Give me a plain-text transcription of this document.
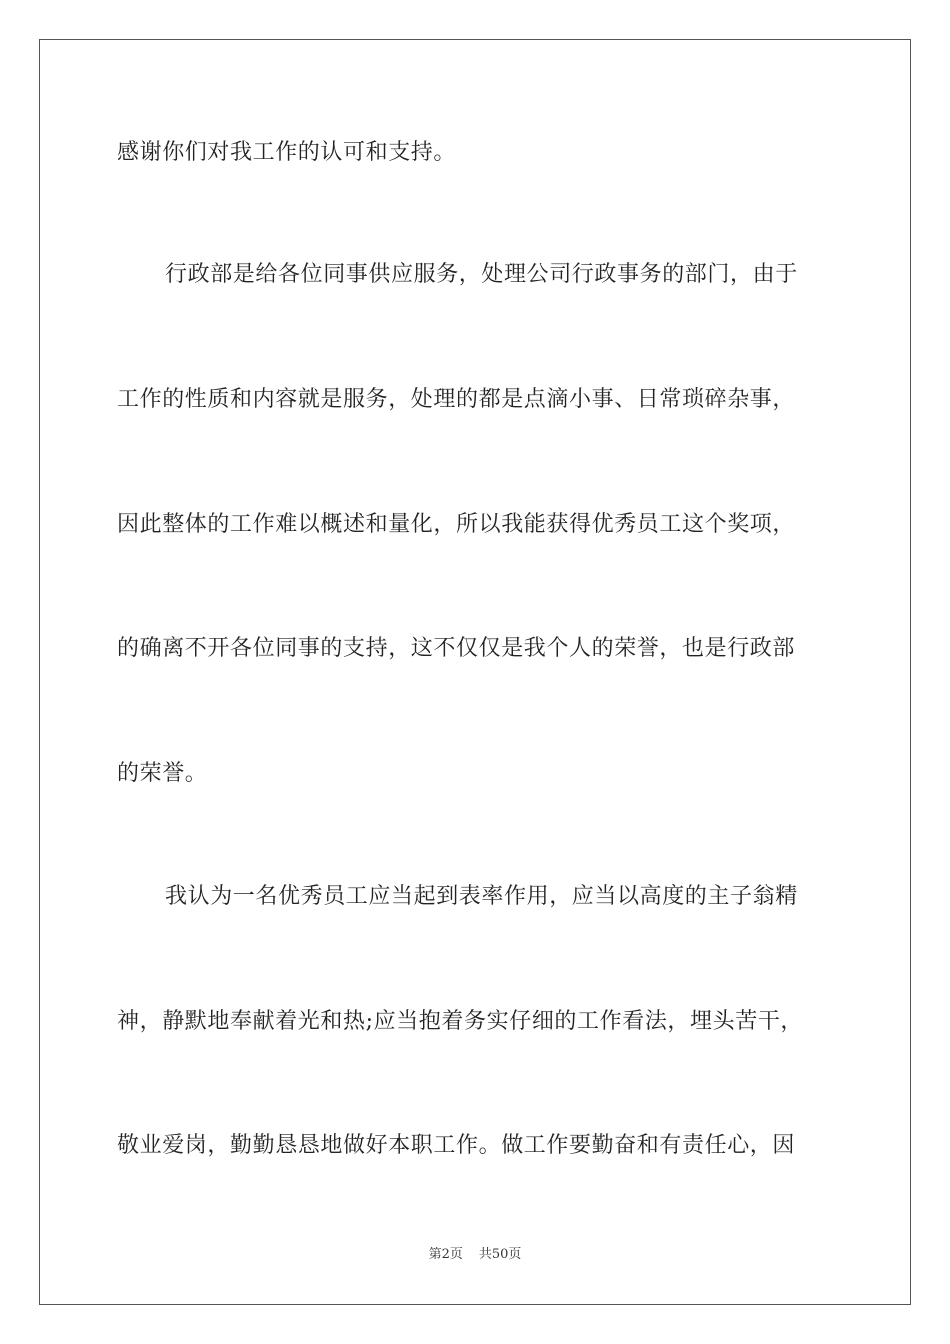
感谢你们对我工作的认可和支持。
行政部是给各位同事供应服务，处理公司行政事务的部门，由于
工作的性质和内容就是服务，处理的都是点滴小事、日常琐碎杂事，
因此整体的工作难以概述和量化，所以我能获得优秀员工这个奖项，
的确离不开各位同事的支持，这不仅仅是我个人的荣誉，也是行政部
的荣誉。
我认为一名优秀员工应当起到表率作用，应当以高度的主子翁精
神，静默地奉献着光和热;应当抱着务实仔细的工作看法，埋头苦干，
敬业爱岗，勤勤恳恳地做好本职工作。做工作要勤奋和有责任心，因
第2页 共50页
